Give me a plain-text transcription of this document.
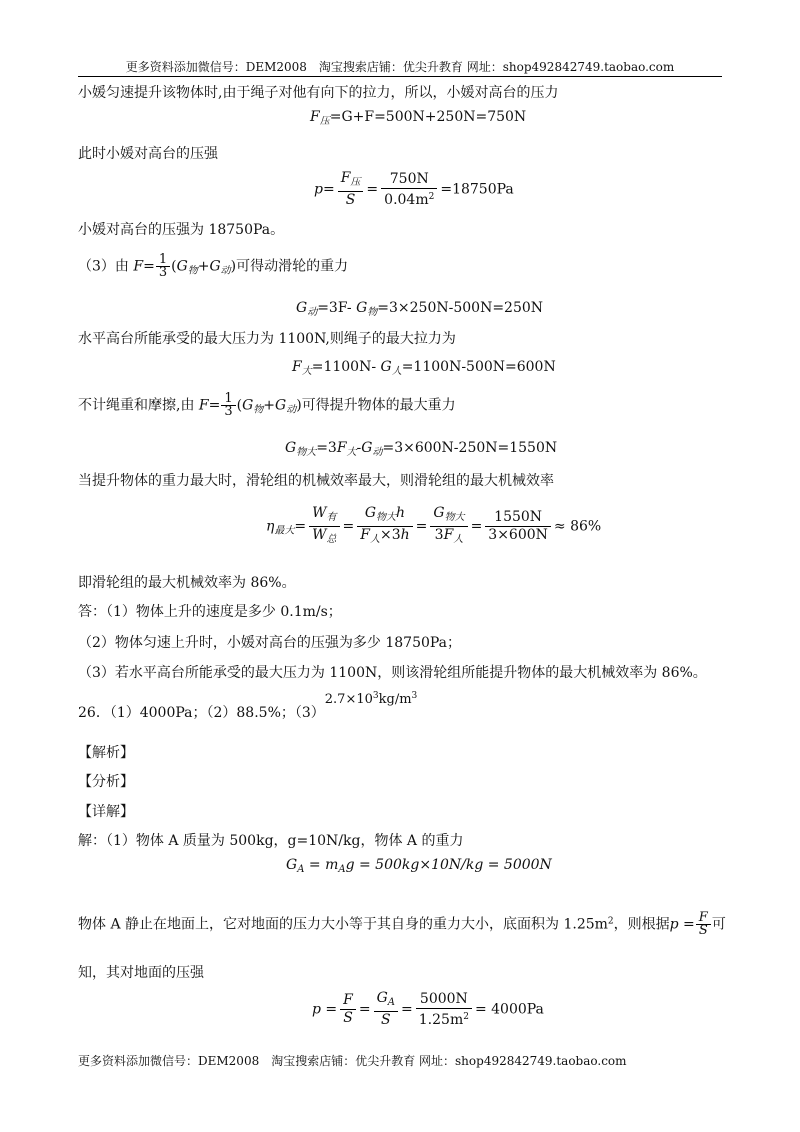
更多资料添加微信号：DEM2008　淘宝搜索店铺：优尖升教育 网址：shop492842749.taobao.com
小媛匀速提升该物体时,由于绳子对他有向下的拉力，所以，小媛对高台的压力
$F_压=G+F=500N+250N=750N$
此时小媛对高台的压强
$p= \frac{F_压}{S} = \frac{750N}{0.04m^2} =18750Pa$
小媛对高台的压强为 18750Pa。
（3）由 $F= \frac{1}{3} (G_物+G_动)$可得动滑轮的重力
$G_动=3F-$ $G_物=3\times 250N-500N=250N$
水平高台所能承受的最大压力为 1100N,则绳子的最大拉力为
$F_大=1100N-$ $G_人=1100N-500N=600N$
不计绳重和摩擦,由 $F= \frac{1}{3} (G_物+G_动)$可得提升物体的最大重力
$G_{物大}=3F_大-G_动=3\times 600N-250N=1550N$
当提升物体的重力最大时，滑轮组的机械效率最大，则滑轮组的最大机械效率
$\eta_{最大}= \frac{W_有}{W_总} = \frac{G_{物大}h}{F_人\times 3h} = \frac{G_{物大}}{3F_人} = \frac{1550N}{3\times 600N} \approx 86\%$
即滑轮组的最大机械效率为 86%。
答：（1）物体上升的速度是多少 0.1m/s；
（2）物体匀速上升时，小媛对高台的压强为多少 18750Pa；
（3）若水平高台所能承受的最大压力为 1100N，则该滑轮组所能提升物体的最大机械效率为 86%。
26．（1）4000Pa；（2）88.5%；$(3)2.7\times 10^3kg/m^3$
【解析】
【分析】
【详解】
解：（1）物体 A 质量为 500kg，g=10N/kg，物体 A 的重力
$G_A = m_Ag = 500kg\times 10N/kg = 5000N$
物体 A 静止在地面上，它对地面的压力大小等于其自身的重力大小，底面积为 $1.25m^2$，则根据$p = \frac{F}{S}$ 可
知，其对地面的压强
$p = \frac{F}{S} = \frac{G_A}{S} = \frac{5000N}{1.25m^2} = 4000Pa$
更多资料添加微信号：DEM2008　淘宝搜索店铺：优尖升教育 网址：shop492842749.taobao.com
